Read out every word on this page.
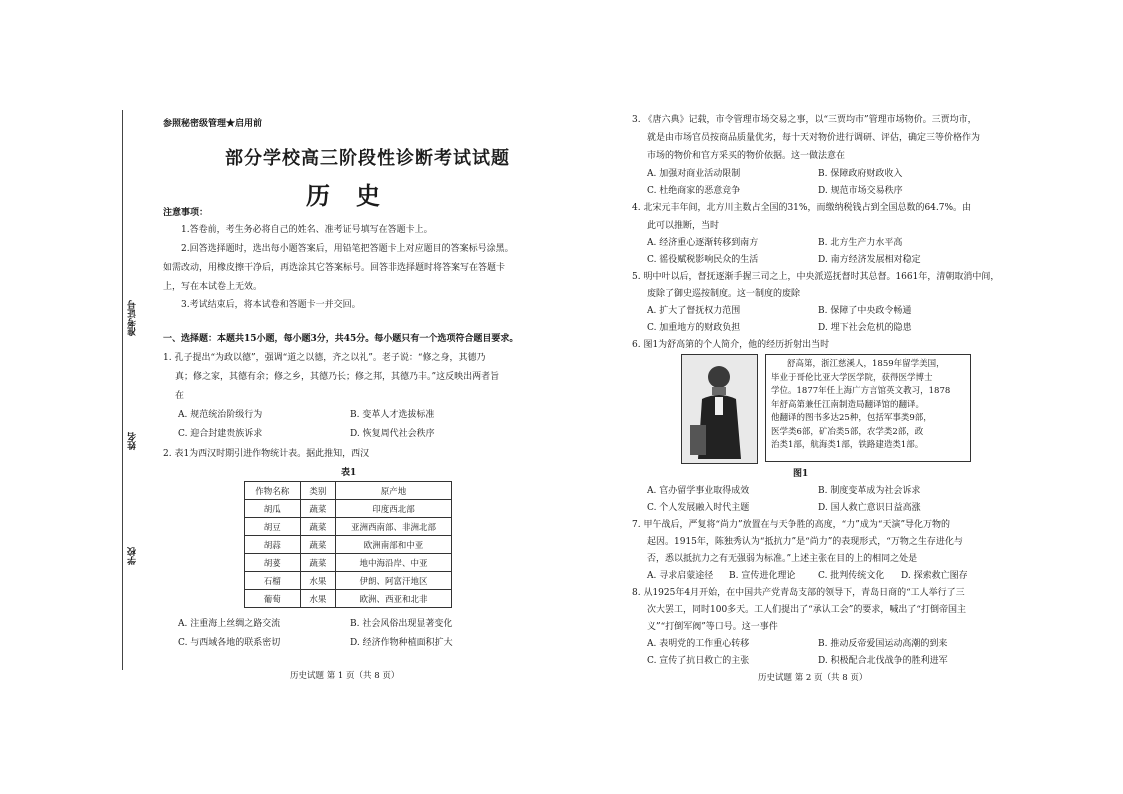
准考证号
姓名
学校
参照秘密级管理★启用前
部分学校高三阶段性诊断考试试题
历史
注意事项：
1.答卷前，考生务必将自己的姓名、准考证号填写在答题卡上。
2.回答选择题时，选出每小题答案后，用铅笔把答题卡上对应题目的答案标号涂黑。
如需改动，用橡皮擦干净后，再选涂其它答案标号。回答非选择题时将答案写在答题卡
上，写在本试卷上无效。
3.考试结束后，将本试卷和答题卡一并交回。
一、选择题：本题共15小题，每小题3分，共45分。每小题只有一个选项符合题目要求。
1. 孔子提出“为政以德”，强调“道之以德，齐之以礼”。老子说：“修之身，其德乃
真；修之家，其德有余；修之乡，其德乃长；修之邦，其德乃丰。”这反映出两者旨
在
A. 规范统治阶级行为	B. 变革人才选拔标准
C. 迎合封建贵族诉求	D. 恢复周代社会秩序
2. 表1为西汉时期引进作物统计表。据此推知，西汉
表1
作物名称	类别	原产地
胡瓜	蔬菜	印度西北部
胡豆	蔬菜	亚洲西南部、非洲北部
胡蒜	蔬菜	欧洲南部和中亚
胡荽	蔬菜	地中海沿岸、中亚
石榴	水果	伊朗、阿富汗地区
葡萄	水果	欧洲、西亚和北非
A. 注重海上丝绸之路交流	B. 社会风俗出现显著变化
C. 与西域各地的联系密切	D. 经济作物种植面积扩大
历史试题 第 1 页（共 8 页）
3. 《唐六典》记载，市令管理市场交易之事，以“三贾均市”管理市场物价。三贾均市，
就是由市场官员按商品质量优劣，每十天对物价进行调研、评估，确定三等价格作为
市场的物价和官方采买的物价依据。这一做法意在
A. 加强对商业活动限制	B. 保障政府财政收入
C. 杜绝商家的恶意竞争	D. 规范市场交易秩序
4. 北宋元丰年间，北方川主数占全国的31%，而缴纳税钱占到全国总数的64.7%。由
此可以推断，当时
A. 经济重心逐渐转移到南方	B. 北方生产力水平高
C. 徭役赋税影响民众的生活	D. 南方经济发展相对稳定
5. 明中叶以后，督抚逐渐手握三司之上，中央派巡抚督时其总督。1661年，清朝取消中间，
废除了御史巡按制度。这一制度的废除
A. 扩大了督抚权力范围	B. 保障了中央政令畅通
C. 加重地方的财政负担	D. 埋下社会危机的隐患
6. 图1为舒高第的个人简介，他的经历折射出当时
舒高第，浙江慈溪人，1859年留学美国，
毕业于哥伦比亚大学医学院，获得医学博士
学位。1877年任上海广方言馆英文教习，1878
年舒高第兼任江南制造局翻译馆的翻译。
他翻译的图书多达25种，包括军事类9部，
医学类6部，矿冶类5部，农学类2部，政
治类1部，航海类1部，铁路建造类1部。
图1
A. 官办留学事业取得成效	B. 制度变革成为社会诉求
C. 个人发展融入时代主题	D. 国人救亡意识日益高涨
7. 甲午战后，严复将“尚力”放置在与天争胜的高度，“力”成为“天演”导化万物的
起因。1915年，陈独秀认为“抵抗力”是“尚力”的表现形式，“万物之生存进化与
否，悉以抵抗力之有无强弱为标准。”上述主张在目的上的相同之处是
A. 寻求启蒙途径 B. 宣传进化理论	C. 批判传统文化 D. 探索救亡图存
8. 从1925年4月开始，在中国共产党青岛支部的领导下，青岛日商的“工人举行了三
次大罢工，同时100多天。工人们提出了“承认工会”的要求，喊出了“打倒帝国主
义”“打倒军阀”等口号。这一事件
A. 表明党的工作重心转移	B. 推动反帝爱国运动高潮的到来
C. 宣传了抗日救亡的主张	D. 积极配合北伐战争的胜利进军
历史试题 第 2 页（共 8 页）
